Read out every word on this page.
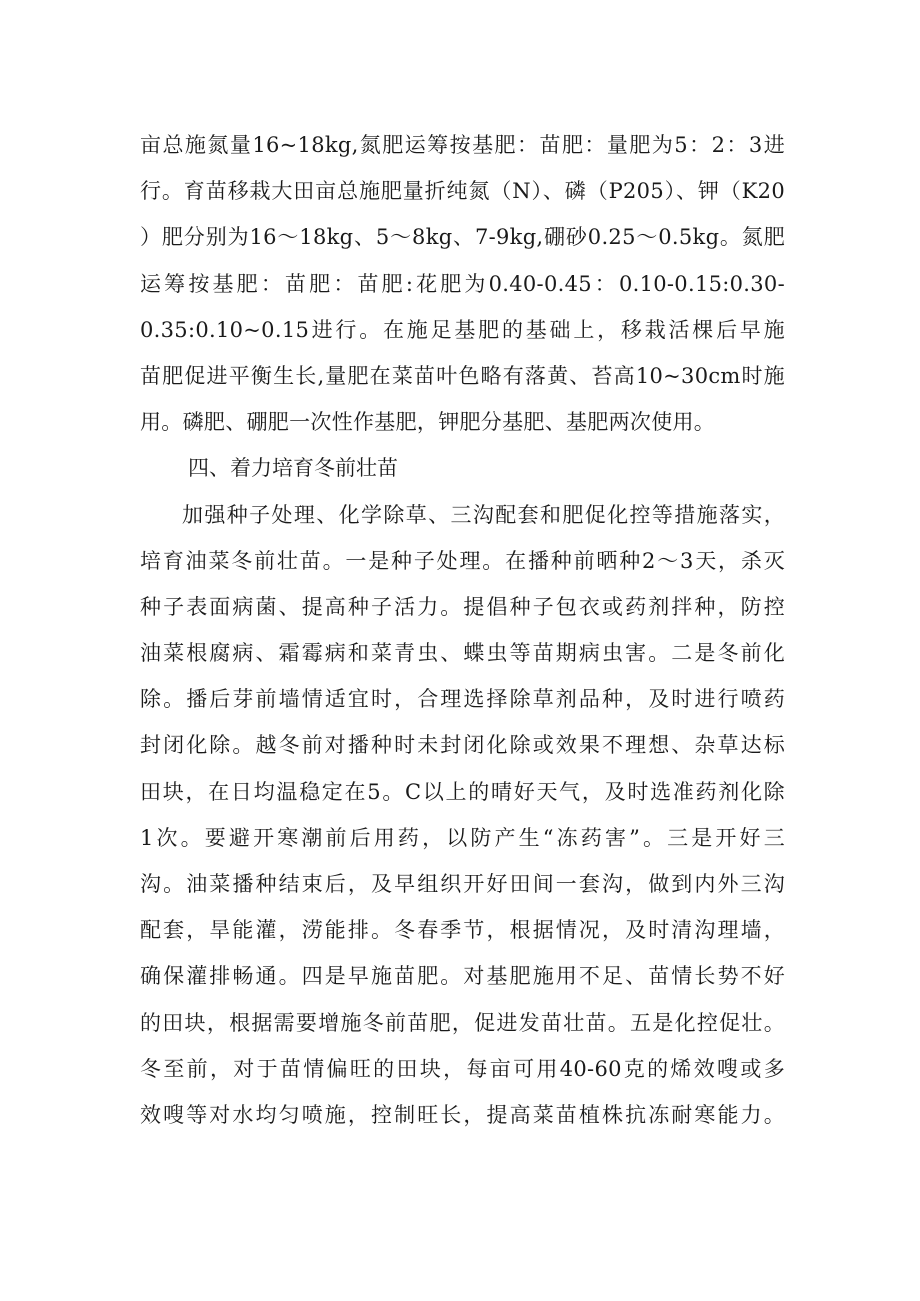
亩总施氮量16~18kg,氮肥运筹按基肥：苗肥：量肥为5：2：3进
行。育苗移栽大田亩总施肥量折纯氮（N）、磷（P205）、钾（K20
）肥分别为16～18kg、5～8kg、7-9kg,硼砂0.25～0.5kg。氮肥
运筹按基肥：苗肥：苗肥:花肥为0.40-0.45：0.10-0.15:0.30-
0.35:0.10~0.15进行。在施足基肥的基础上，移栽活棵后早施
苗肥促进平衡生长,量肥在菜苗叶色略有落黄、苔高10~30cm时施
用。磷肥、硼肥一次性作基肥，钾肥分基肥、基肥两次使用。
四、着力培育冬前壮苗
加强种子处理、化学除草、三沟配套和肥促化控等措施落实，
培育油菜冬前壮苗。一是种子处理。在播种前晒种2～3天，杀灭
种子表面病菌、提高种子活力。提倡种子包衣或药剂拌种，防控
油菜根腐病、霜霉病和菜青虫、蝶虫等苗期病虫害。二是冬前化
除。播后芽前墙情适宜时，合理选择除草剂品种，及时进行喷药
封闭化除。越冬前对播种时未封闭化除或效果不理想、杂草达标
田块，在日均温稳定在5。C以上的晴好天气，及时选准药剂化除
1次。要避开寒潮前后用药，以防产生“冻药害”。三是开好三
沟。油菜播种结束后，及早组织开好田间一套沟，做到内外三沟
配套，旱能灌，涝能排。冬春季节，根据情况，及时清沟理墙，
确保灌排畅通。四是早施苗肥。对基肥施用不足、苗情长势不好
的田块，根据需要增施冬前苗肥，促进发苗壮苗。五是化控促壮。
冬至前，对于苗情偏旺的田块，每亩可用40-60克的烯效嗖或多
效嗖等对水均匀喷施，控制旺长，提高菜苗植株抗冻耐寒能力。
